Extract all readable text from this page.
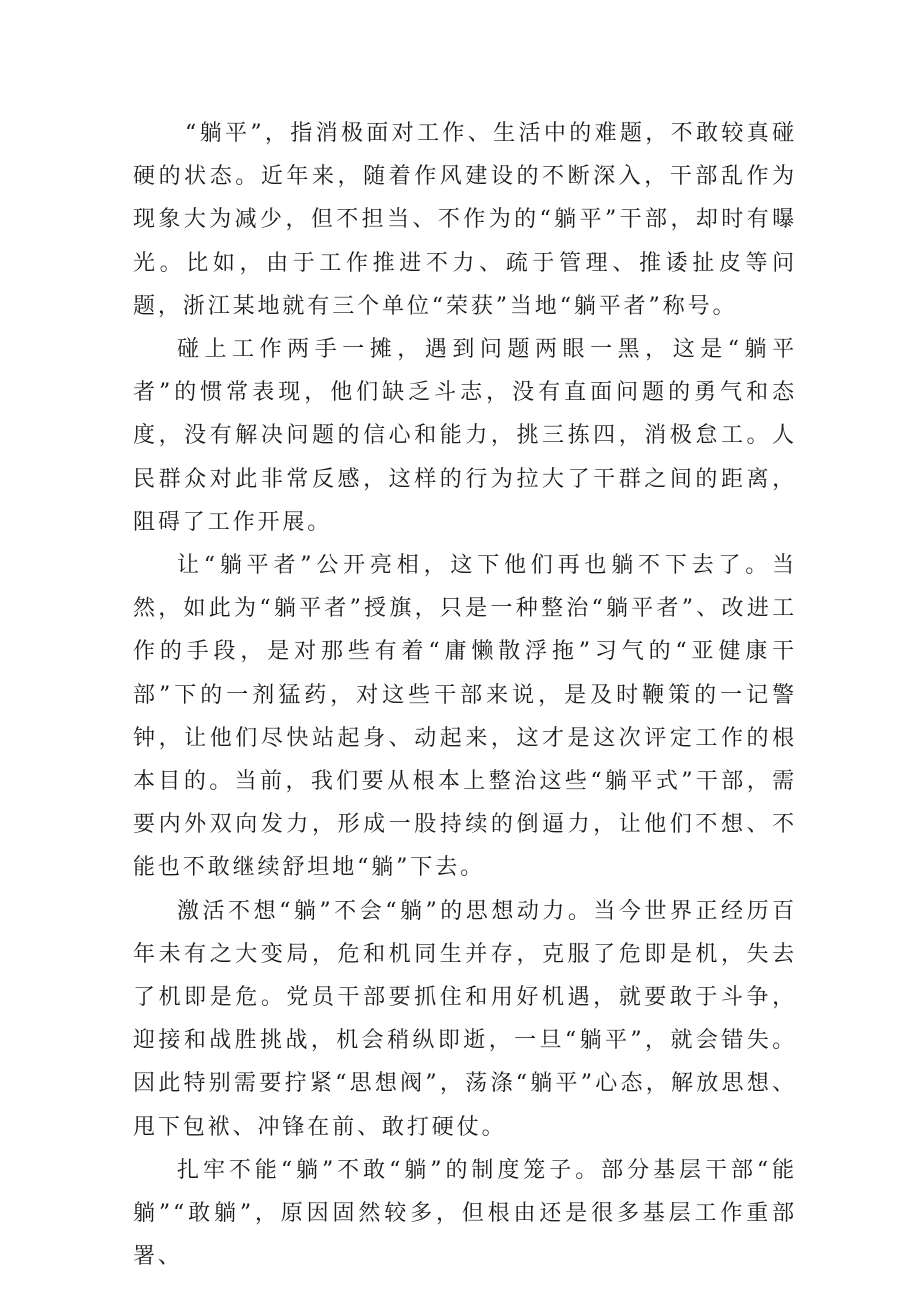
“躺平”，指消极面对工作、生活中的难题，不敢较真碰硬的状态。近年来，随着作风建设的不断深入，干部乱作为现象大为减少，但不担当、不作为的“躺平”干部，却时有曝光。比如，由于工作推进不力、疏于管理、推诿扯皮等问题，浙江某地就有三个单位“荣获”当地“躺平者”称号。

碰上工作两手一摊，遇到问题两眼一黑，这是“躺平者”的惯常表现，他们缺乏斗志，没有直面问题的勇气和态度，没有解决问题的信心和能力，挑三拣四，消极怠工。人民群众对此非常反感，这样的行为拉大了干群之间的距离，阻碍了工作开展。

让“躺平者”公开亮相，这下他们再也躺不下去了。当然，如此为“躺平者”授旗，只是一种整治“躺平者”、改进工作的手段，是对那些有着“庸懒散浮拖”习气的“亚健康干部”下的一剂猛药，对这些干部来说，是及时鞭策的一记警钟，让他们尽快站起身、动起来，这才是这次评定工作的根本目的。当前，我们要从根本上整治这些“躺平式”干部，需要内外双向发力，形成一股持续的倒逼力，让他们不想、不能也不敢继续舒坦地“躺”下去。

激活不想“躺”不会“躺”的思想动力。当今世界正经历百年未有之大变局，危和机同生并存，克服了危即是机，失去了机即是危。党员干部要抓住和用好机遇，就要敢于斗争，迎接和战胜挑战，机会稍纵即逝，一旦“躺平”，就会错失。因此特别需要拧紧“思想阀”，荡涤“躺平”心态，解放思想、甩下包袱、冲锋在前、敢打硬仗。

扎牢不能“躺”不敢“躺”的制度笼子。部分基层干部“能躺”“敢躺”，原因固然较多，但根由还是很多基层工作重部署、
